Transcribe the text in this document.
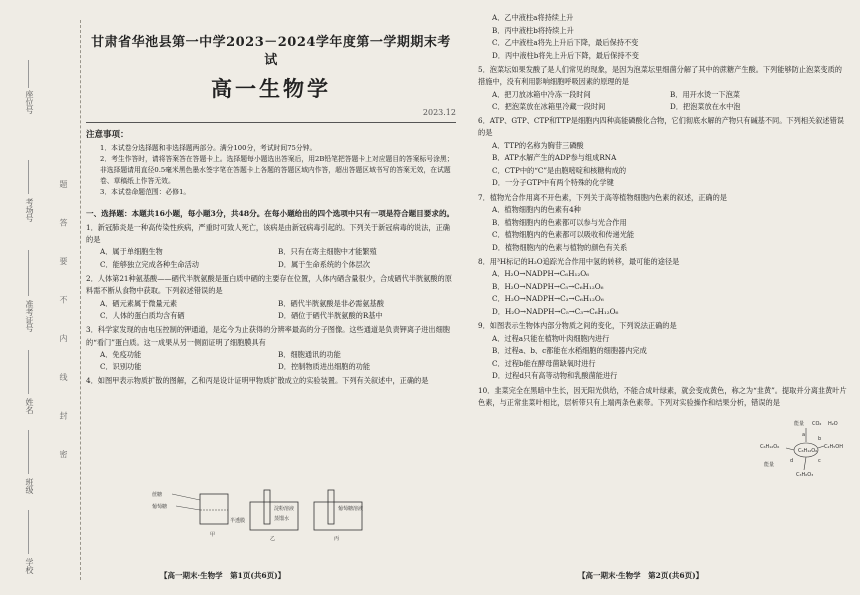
座位号
考场号
准考证号
姓名
班级
学校
题 答 要 不 内 线 封 密

甘肃省华池县第一中学2023－2024学年度第一学期期末考试

高一生物学

2023.12
注意事项：
1．本试卷分选择题和非选择题两部分。满分100分，考试时间75分钟。
2．考生作答时，请将答案答在答题卡上。选择题每小题选出答案后，用2B铅笔把答题卡上对应题目的答案标号涂黑；非选择题请用直径0.5毫米黑色墨水签字笔在答题卡上各题的答题区域内作答，超出答题区域书写的答案无效，在试题卷、草稿纸上作答无效。
3．本试卷命题范围：必修1。
一、选择题：本题共16小题，每小题3分，共48分。在每小题给出的四个选项中只有一项是符合题目要求的。
1．新冠肺炎是一种高传染性疾病，严重时可致人死亡，该病是由新冠病毒引起的。下列关于新冠病毒的说法，正确的是
A．属于单细胞生物	B．只有在寄主细胞中才能繁殖
C．能够独立完成各种生命活动	D．属于生命系统的个体层次
2．人体第21种氨基酸——硒代半胱氨酸是蛋白质中硒的主要存在位置，人体内硒含量很少，合成硒代半胱氨酸的原料需不断从食物中获取。下列叙述错误的是
A．硒元素属于微量元素	B．硒代半胱氨酸是非必需氨基酸
C．人体的蛋白质均含有硒	D．硒位于硒代半胱氨酸的R基中
3．科学家发现的由电压控制的钾通道，是迄今为止获得的分辨率最高的分子图像。这些通道是负责钾离子进出细胞的“看门”蛋白质。这一成果从另一侧面证明了细胞膜具有
A．免疫功能	B．细胞通讯的功能
C．识别功能	D．控制物质进出细胞的功能
4．如图甲表示物质扩散的图解，乙和丙是设计证明甲物质扩散成立的实验装置。下列有关叙述中，正确的是
蔗糖
葡萄糖
半透膜
甲
淀粉溶液
蒸馏水
乙
葡萄糖溶液
丙
【高一期末·生物学　第1页(共6页)】
A．乙中液柱a将持续上升
B．丙中液柱b将持续上升
C．乙中液柱a将先上升后下降，最后保持不变
D．丙中液柱b将先上升后下降，最后保持不变
5．泡菜坛如果发酸了是人们常见的现象，是因为泡菜坛里细菌分解了其中的蔗糖产生酸。下列能够防止泡菜变质的措施中，没有利用影响细胞呼吸因素的原理的是
A．把刀放冰箱中冷冻一段时间	B．用开水烫一下泡菜
C．把泡菜放在冰箱里冷藏一段时间	D．把泡菜放在水中泡
6．ATP、GTP、CTP和TTP是细胞内四种高能磷酸化合物，它们彻底水解的产物只有碱基不同。下列相关叙述错误的是
A．TTP的名称为胸苷三磷酸
B．ATP水解产生的ADP参与组成RNA
C．CTP中的“C”是由胞嘧啶和核糖构成的
D．一分子GTP中有两个特殊的化学键
7．植物光合作用离不开色素，下列关于高等植物细胞内色素的叙述，正确的是
A．植物细胞内的色素有4种
B．植物细胞内的色素都可以参与光合作用
C．植物细胞内的色素都可以吸收和传递光能
D．植物细胞内的色素与植物的颜色有关系
8．用³H标记的H₂O追踪光合作用中氢的转移，最可能的途径是
A．H₂O→NADPH→C₆H₁₂O₆
B．H₂O→NADPH→C₅→C₆H₁₂O₆
C．H₂O→NADPH→C₃→C₆H₁₂O₆
D．H₂O→NADPH→C₅→C₃→C₆H₁₂O₆
9．如图表示生物体内部分物质之间的变化，下列说法正确的是
A．过程a只能在植物叶肉细胞内进行
B．过程a、b、c都能在水稻细胞的细胞器内完成
C．过程b能在酵母菌缺氧时进行
D．过程d只有高等动物和乳酸菌能进行
10．韭菜完全在黑暗中生长，因无阳光供给，不能合成叶绿素，就会变成黄色，称之为“韭黄”。提取并分离韭黄叶片色素，与正常韭菜叶相比，层析带只有上端两条色素带。下列对实验操作和结果分析，错误的是
能量 CO₂ H₂O
C₆H₁₂O₆
C₆H₁₂O₆
C₂H₅OH
能量
C₃H₆O₃
a
b
c
d
【高一期末·生物学　第2页(共6页)】
